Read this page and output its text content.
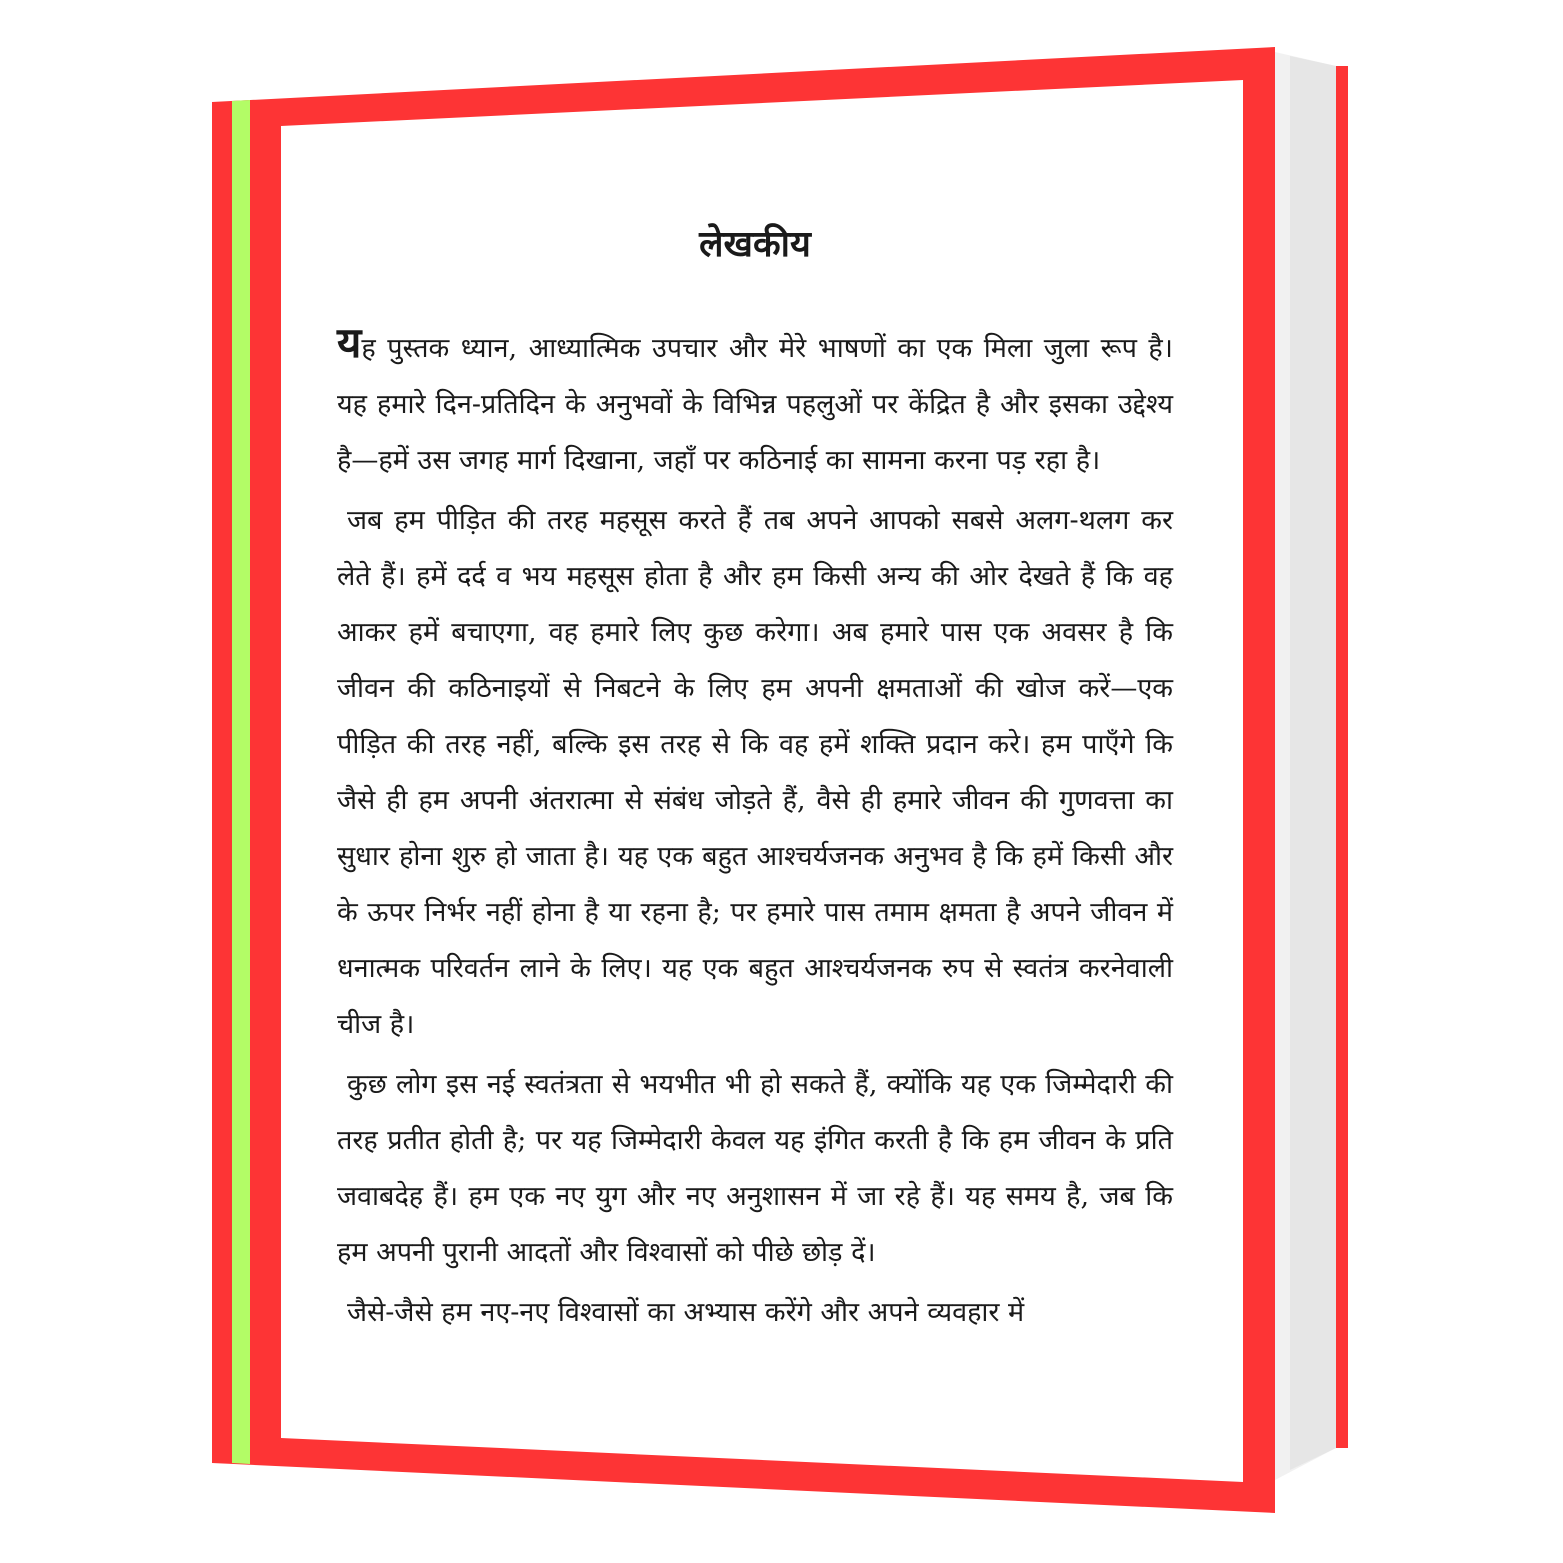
लेखकीय

यह पुस्तक ध्यान, आध्यात्मिक उपचार और मेरे भाषणों का एक मिला जुला रूप है। यह हमारे दिन-प्रतिदिन के अनुभवों के विभिन्न पहलुओं पर केंद्रित है और इसका उद्देश्य है—हमें उस जगह मार्ग दिखाना, जहाँ पर कठिनाई का सामना करना पड़ रहा है।

जब हम पीड़ित की तरह महसूस करते हैं तब अपने आपको सबसे अलग-थलग कर लेते हैं। हमें दर्द व भय महसूस होता है और हम किसी अन्य की ओर देखते हैं कि वह आकर हमें बचाएगा, वह हमारे लिए कुछ करेगा। अब हमारे पास एक अवसर है कि जीवन की कठिनाइयों से निबटने के लिए हम अपनी क्षमताओं की खोज करें—एक पीड़ित की तरह नहीं, बल्कि इस तरह से कि वह हमें शक्ति प्रदान करे। हम पाएँगे कि जैसे ही हम अपनी अंतरात्मा से संबंध जोड़ते हैं, वैसे ही हमारे जीवन की गुणवत्ता का सुधार होना शुरु हो जाता है। यह एक बहुत आश्चर्यजनक अनुभव है कि हमें किसी और के ऊपर निर्भर नहीं होना है या रहना है; पर हमारे पास तमाम क्षमता है अपने जीवन में धनात्मक परिवर्तन लाने के लिए। यह एक बहुत आश्चर्यजनक रुप से स्वतंत्र करनेवाली चीज है।

कुछ लोग इस नई स्वतंत्रता से भयभीत भी हो सकते हैं, क्योंकि यह एक जिम्मेदारी की तरह प्रतीत होती है; पर यह जिम्मेदारी केवल यह इंगित करती है कि हम जीवन के प्रति जवाबदेह हैं। हम एक नए युग और नए अनुशासन में जा रहे हैं। यह समय है, जब कि हम अपनी पुरानी आदतों और विश्वासों को पीछे छोड़ दें।

जैसे-जैसे हम नए-नए विश्वासों का अभ्यास करेंगे और अपने व्यवहार में
